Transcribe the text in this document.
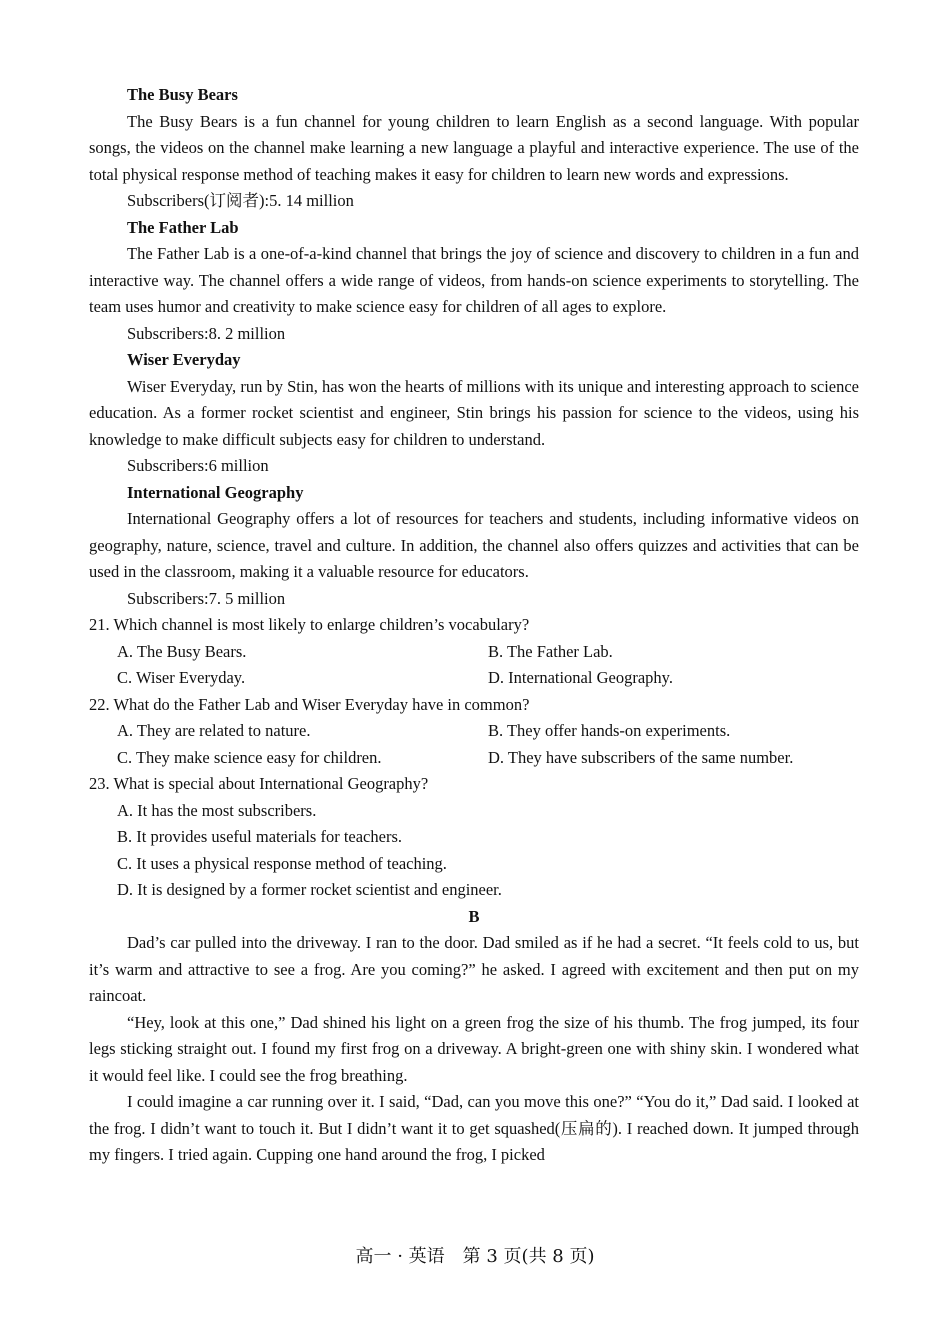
The Busy Bears
The Busy Bears is a fun channel for young children to learn English as a second language. With popular songs, the videos on the channel make learning a new language a playful and interactive experience. The use of the total physical response method of teaching makes it easy for children to learn new words and expressions.
Subscribers(订阅者):5. 14 million
The Father Lab
The Father Lab is a one-of-a-kind channel that brings the joy of science and discovery to children in a fun and interactive way. The channel offers a wide range of videos, from hands-on science experiments to storytelling. The team uses humor and creativity to make science easy for children of all ages to explore.
Subscribers:8. 2 million
Wiser Everyday
Wiser Everyday, run by Stin, has won the hearts of millions with its unique and interesting approach to science education. As a former rocket scientist and engineer, Stin brings his passion for science to the videos, using his knowledge to make difficult subjects easy for children to understand.
Subscribers:6 million
International Geography
International Geography offers a lot of resources for teachers and students, including informative videos on geography, nature, science, travel and culture. In addition, the channel also offers quizzes and activities that can be used in the classroom, making it a valuable resource for educators.
Subscribers:7. 5 million
21. Which channel is most likely to enlarge children’s vocabulary?
A. The Busy Bears.	B. The Father Lab.
C. Wiser Everyday.	D. International Geography.
22. What do the Father Lab and Wiser Everyday have in common?
A. They are related to nature.	B. They offer hands-on experiments.
C. They make science easy for children.	D. They have subscribers of the same number.
23. What is special about International Geography?
A. It has the most subscribers.
B. It provides useful materials for teachers.
C. It uses a physical response method of teaching.
D. It is designed by a former rocket scientist and engineer.
B
Dad’s car pulled into the driveway. I ran to the door. Dad smiled as if he had a secret. “It feels cold to us, but it’s warm and attractive to see a frog. Are you coming?” he asked. I agreed with excitement and then put on my raincoat.
“Hey, look at this one,” Dad shined his light on a green frog the size of his thumb. The frog jumped, its four legs sticking straight out. I found my first frog on a driveway. A bright-green one with shiny skin. I wondered what it would feel like. I could see the frog breathing.
I could imagine a car running over it. I said, “Dad, can you move this one?” “You do it,” Dad said. I looked at the frog. I didn’t want to touch it. But I didn’t want it to get squashed(压扁的). I reached down. It jumped through my fingers. I tried again. Cupping one hand around the frog, I picked
高一 · 英语　第 3 页(共 8 页)
